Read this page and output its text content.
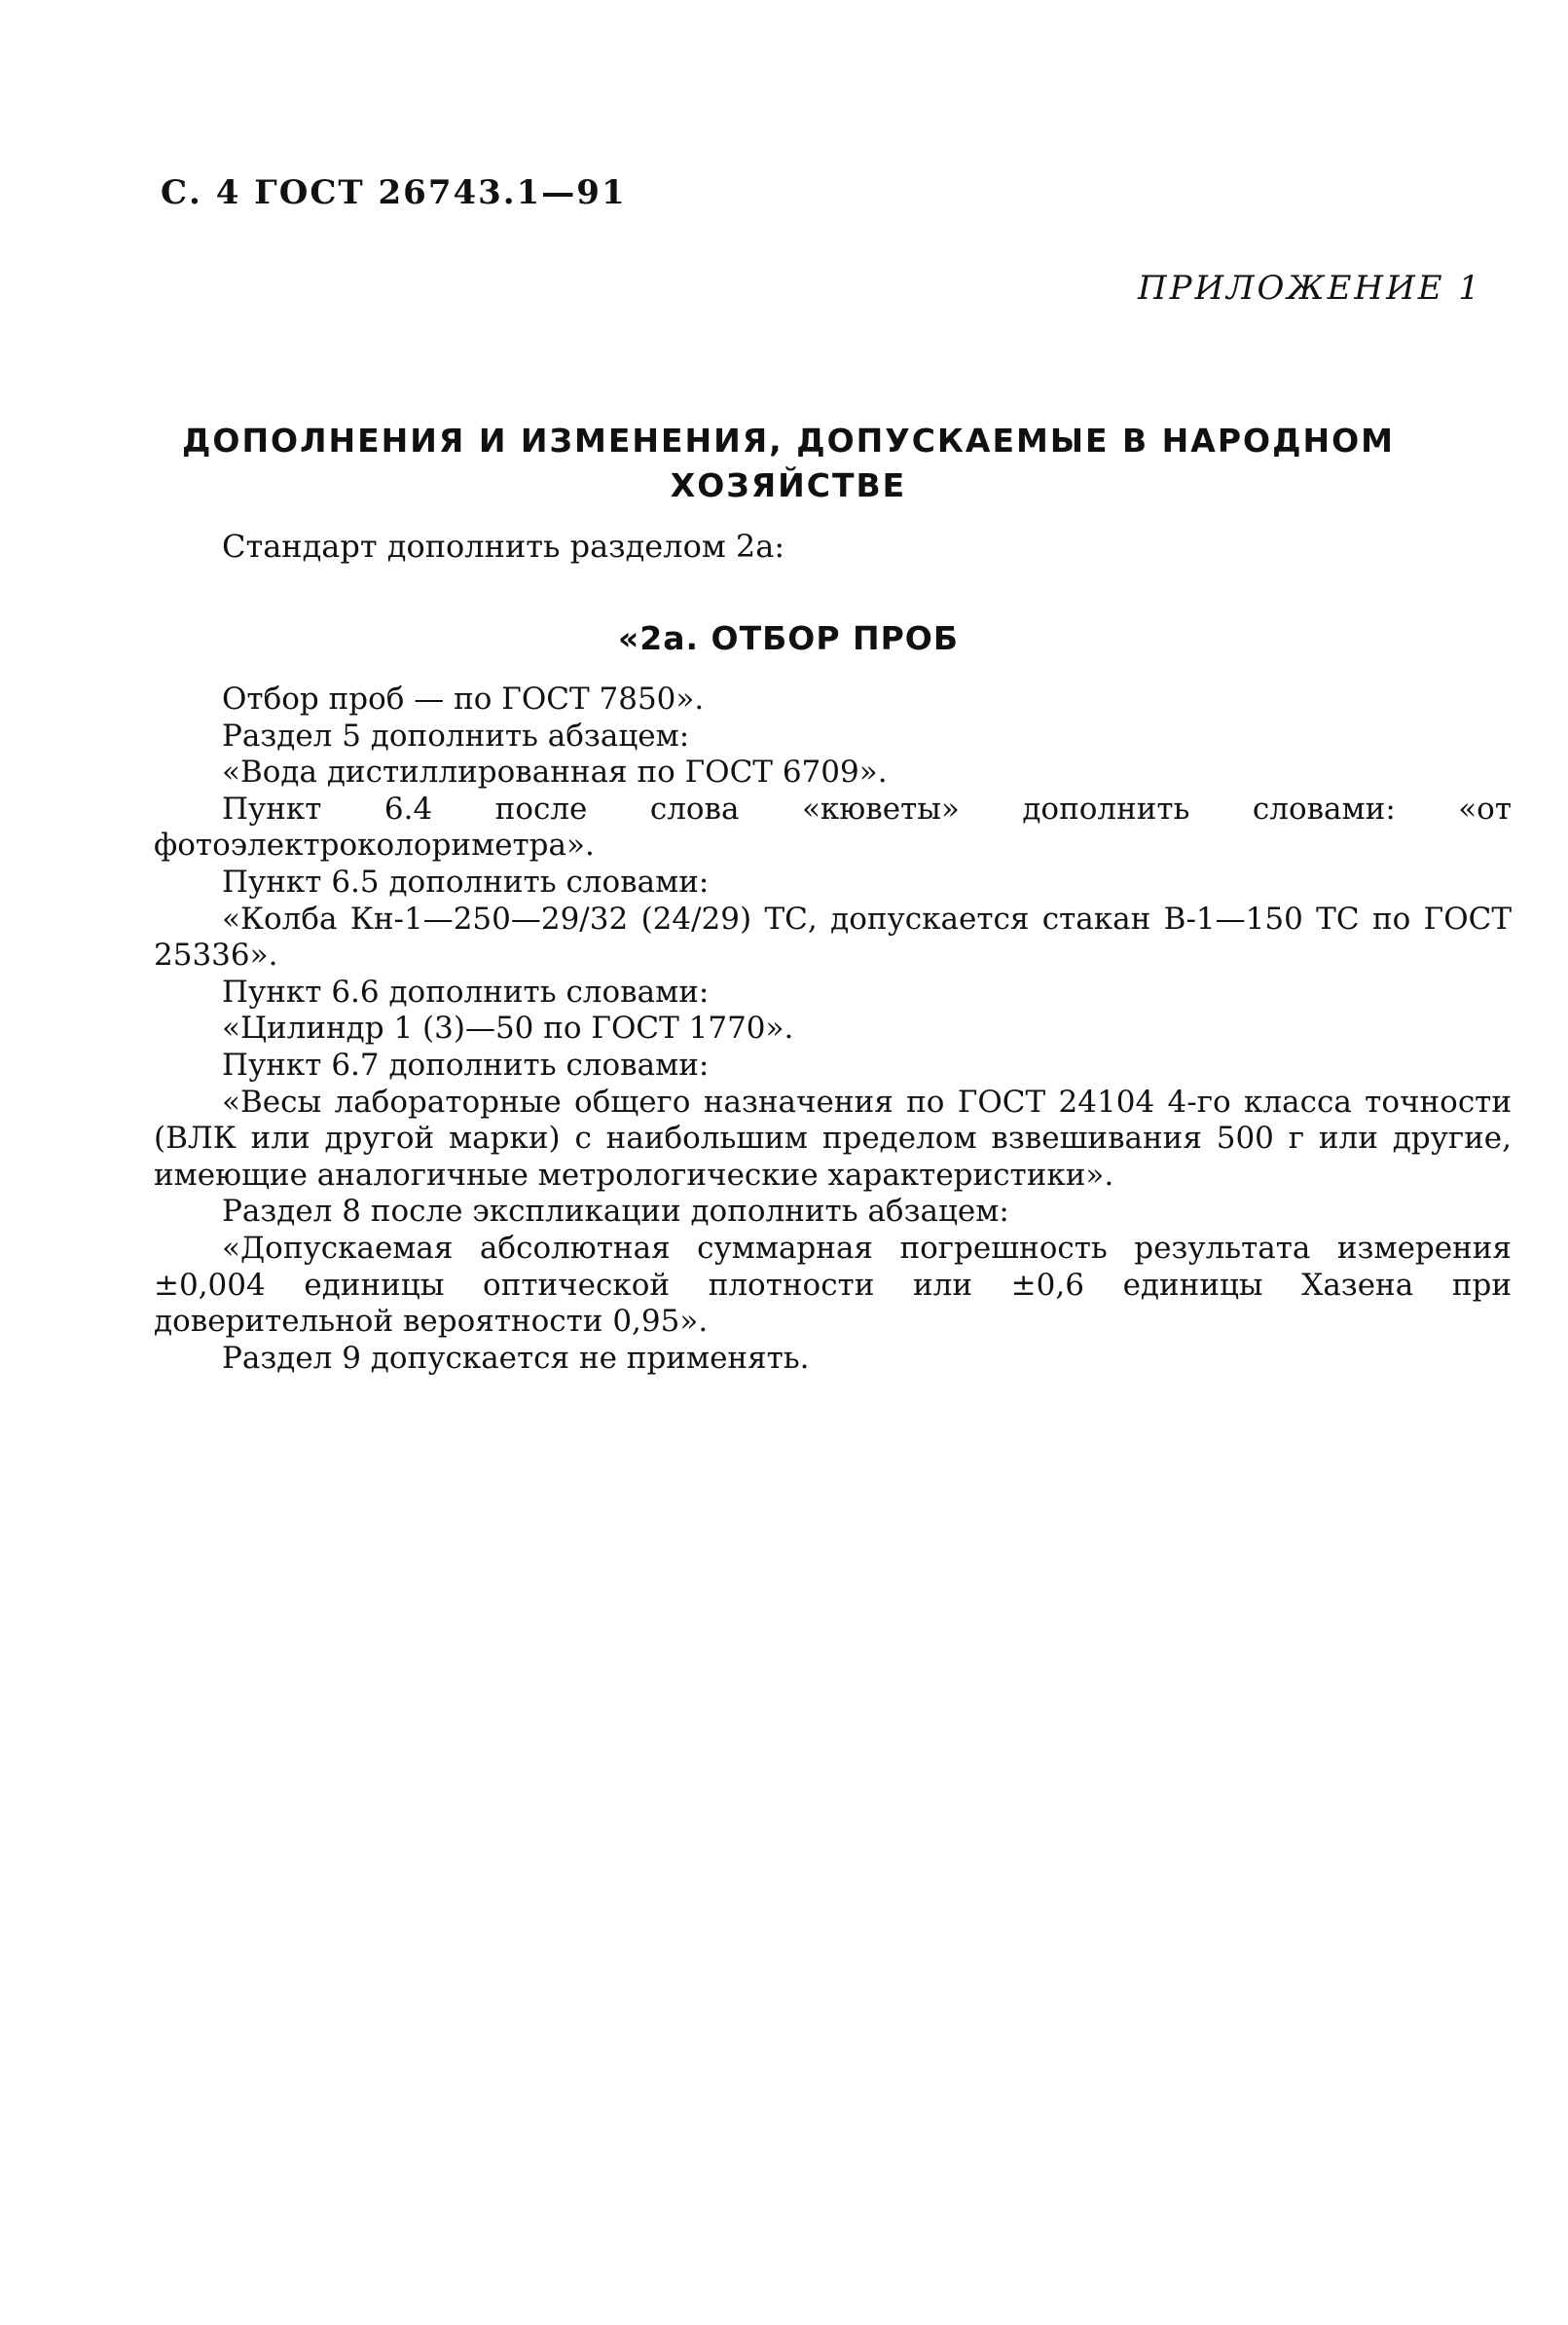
С. 4 ГОСТ 26743.1—91
ПРИЛОЖЕНИЕ 1
ДОПОЛНЕНИЯ И ИЗМЕНЕНИЯ, ДОПУСКАЕМЫЕ В НАРОДНОМ
ХОЗЯЙСТВЕ
Стандарт дополнить разделом 2а:
«2а. ОТБОР ПРОБ

Отбор проб — по ГОСТ 7850».

Раздел 5 дополнить абзацем:

«Вода дистиллированная по ГОСТ 6709».

Пункт 6.4 после слова «кюветы» дополнить словами: «от фотоэлектроколориметра».

Пункт 6.5 дополнить словами:

«Колба Кн-1—250—29/32 (24/29) ТС, допускается стакан В-1—150 ТС по ГОСТ 25336».

Пункт 6.6 дополнить словами:

«Цилиндр 1 (3)—50 по ГОСТ 1770».

Пункт 6.7 дополнить словами:

«Весы лабораторные общего назначения по ГОСТ 24104 4-го класса точности (ВЛК или другой марки) с наибольшим пределом взвешивания 500 г или другие, имеющие аналогичные метрологические характеристики».

Раздел 8 после экспликации дополнить абзацем:

«Допускаемая абсолютная суммарная погрешность результата измерения ±0,004 единицы оптической плотности или ±0,6 единицы Хазена при доверительной вероятности 0,95».

Раздел 9 допускается не применять.
